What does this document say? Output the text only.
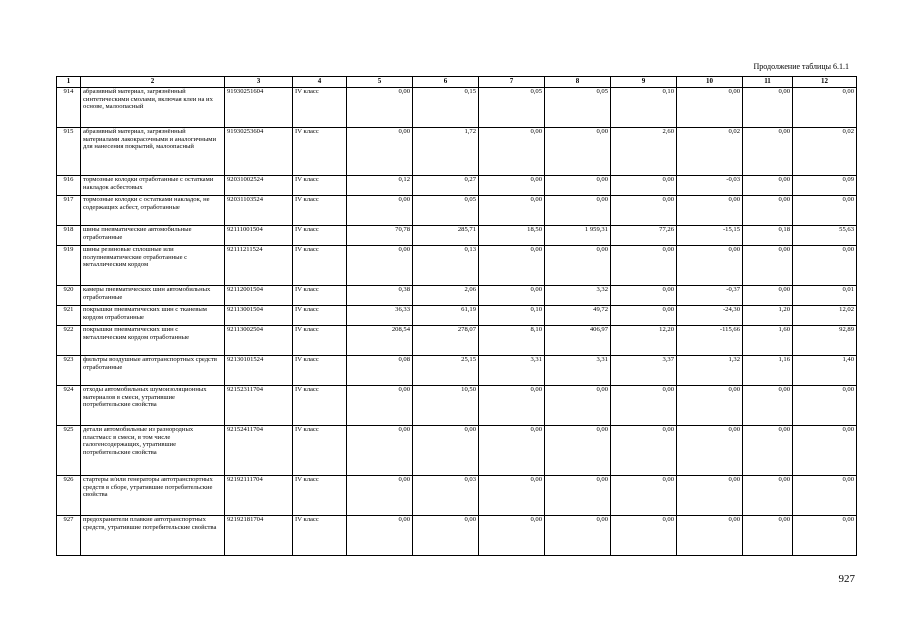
Продолжение таблицы 6.1.1
1	2	3	4	5	6	7	8	9	10	11	12
914	абразивный материал, загрязнённый синтетическими смолами, включая клеи на их основе, малоопасный	91930251604	IV класс	0,00	0,15	0,05	0,05	0,10	0,00	0,00	0,00
915	абразивный материал, загрязнённый материалами лакокрасочными и аналогичными для нанесения покрытий, малоопасный	91930253604	IV класс	0,00	1,72	0,00	0,00	2,60	0,02	0,00	0,02
916	тормозные колодки отработанные с остатками накладок асбестовых	92031002524	IV класс	0,12	0,27	0,00	0,00	0,00	-0,03	0,00	0,09
917	тормозные колодки с остатками накладок, не содержащих асбест, отработанные	92031103524	IV класс	0,00	0,05	0,00	0,00	0,00	0,00	0,00	0,00
918	шины пневматические автомобильные отработанные	92111001504	IV класс	70,78	285,71	18,50	1 959,31	77,26	-15,15	0,18	55,63
919	шины резиновые сплошные или полупневматические отработанные с металлическим кордом	92111211524	IV класс	0,00	0,13	0,00	0,00	0,00	0,00	0,00	0,00
920	камеры пневматических шин автомобильных отработанные	92112001504	IV класс	0,38	2,06	0,00	3,32	0,00	-0,37	0,00	0,01
921	покрышки пневматических шин с тканевым кордом отработанные	92113001504	IV класс	36,33	61,19	0,10	49,72	0,00	-24,30	1,20	12,02
922	покрышки пневматических шин с металлическим кордом отработанные	92113002504	IV класс	208,54	278,07	8,10	406,97	12,20	-115,66	1,60	92,89
923	фильтры воздушные автотранспортных средств отработанные	92130101524	IV класс	0,08	25,15	3,31	3,31	3,37	1,32	1,16	1,40
924	отходы автомобильных шумоизоляционных материалов в смеси, утратившие потребительские свойства	92152311704	IV класс	0,00	10,50	0,00	0,00	0,00	0,00	0,00	0,00
925	детали автомобильные из разнородных пластмасс в смеси, в том числе галогенсодержащих, утратившие потребительские свойства	92152411704	IV класс	0,00	0,00	0,00	0,00	0,00	0,00	0,00	0,00
926	стартеры и/или генераторы автотранспортных средств в сборе, утратившие потребительские свойства	92192111704	IV класс	0,00	0,03	0,00	0,00	0,00	0,00	0,00	0,00
927	предохранители плавкие автотранспортных средств, утратившие потребительские свойства	92192181704	IV класс	0,00	0,00	0,00	0,00	0,00	0,00	0,00	0,00
927
